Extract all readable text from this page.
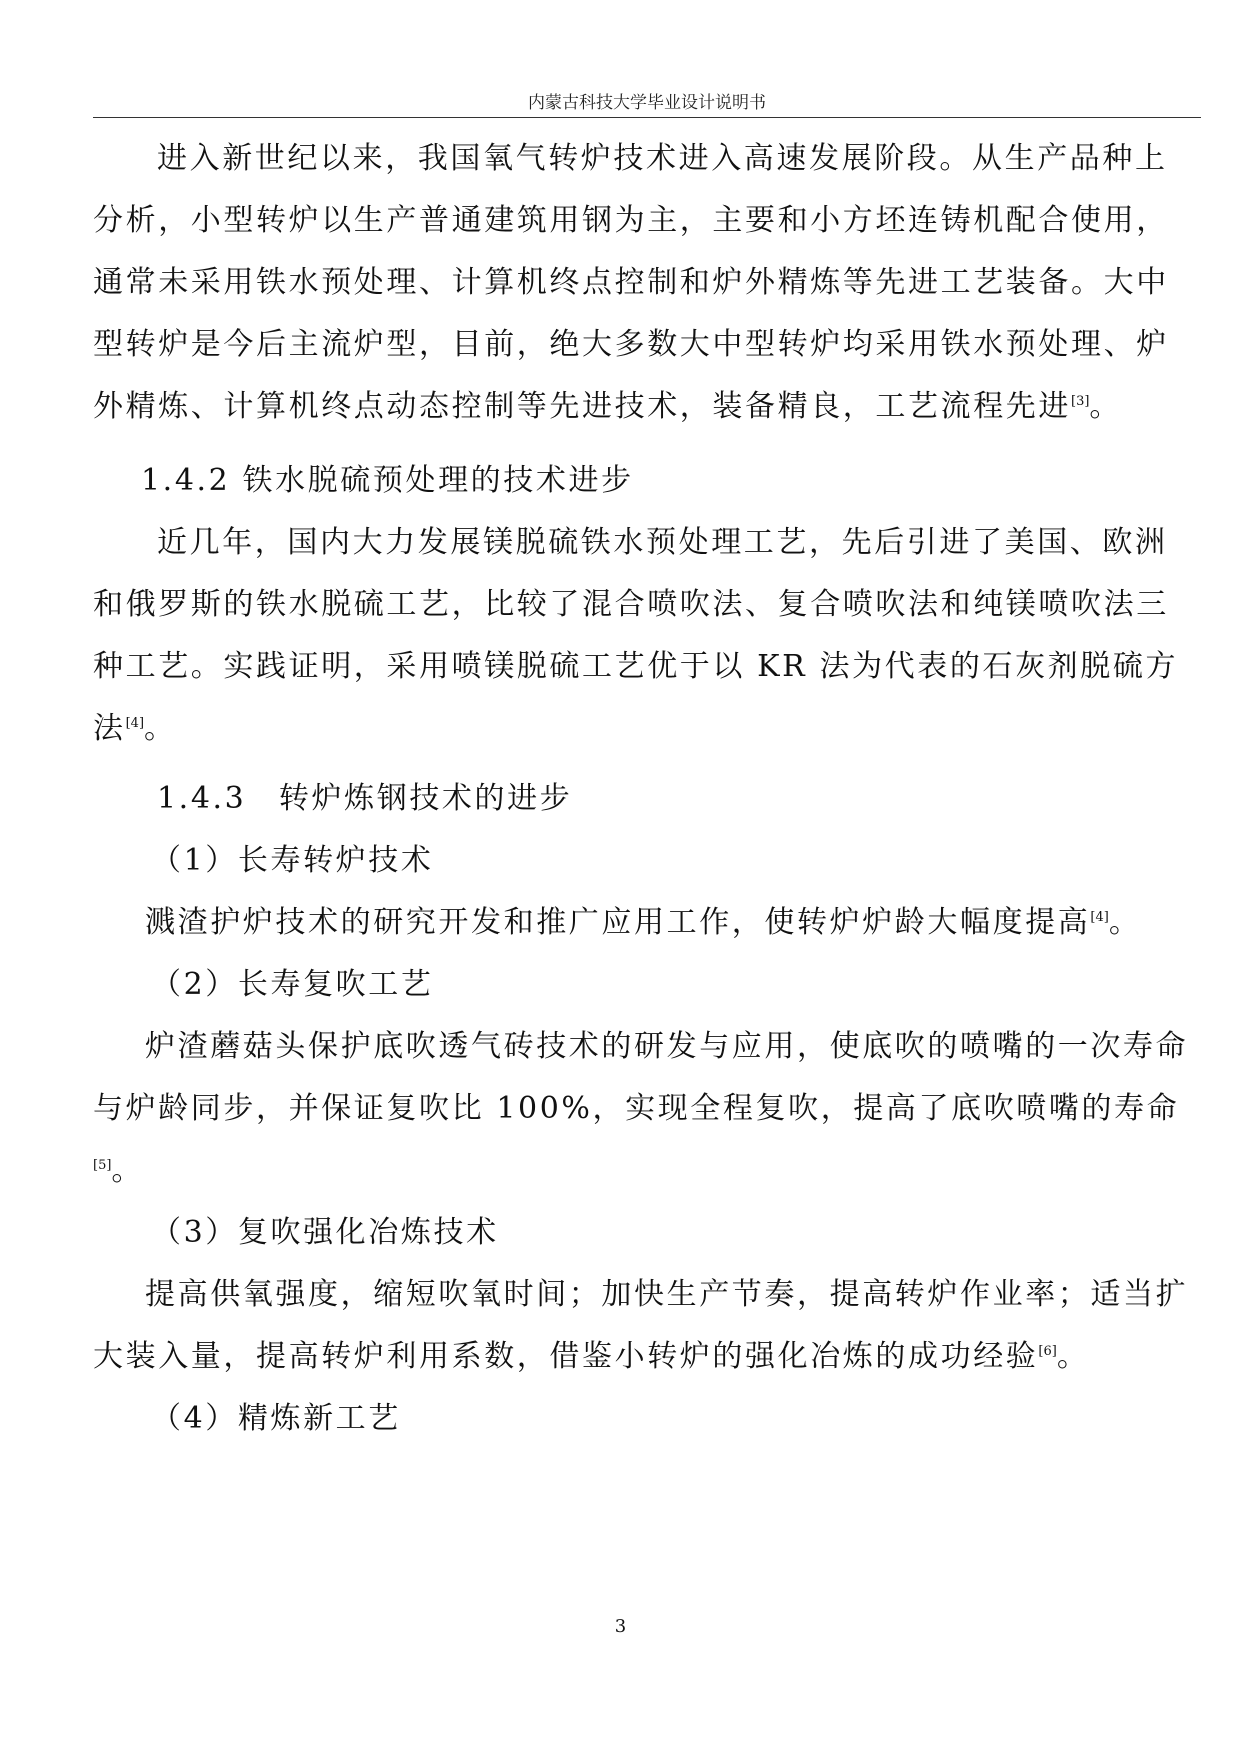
内蒙古科技大学毕业设计说明书

进入新世纪以来，我国氧气转炉技术进入高速发展阶段。从生产品种上分析，小型转炉以生产普通建筑用钢为主，主要和小方坯连铸机配合使用，通常未采用铁水预处理、计算机终点控制和炉外精炼等先进工艺装备。大中型转炉是今后主流炉型，目前，绝大多数大中型转炉均采用铁水预处理、炉外精炼、计算机终点动态控制等先进技术，装备精良，工艺流程先进[3]。

1.4.2 铁水脱硫预处理的技术进步

近几年，国内大力发展镁脱硫铁水预处理工艺，先后引进了美国、欧洲和俄罗斯的铁水脱硫工艺，比较了混合喷吹法、复合喷吹法和纯镁喷吹法三种工艺。实践证明，采用喷镁脱硫工艺优于以 KR 法为代表的石灰剂脱硫方法[4]。

1.4.3　转炉炼钢技术的进步

（1）长寿转炉技术

溅渣护炉技术的研究开发和推广应用工作，使转炉炉龄大幅度提高[4]。

（2）长寿复吹工艺

炉渣蘑菇头保护底吹透气砖技术的研发与应用，使底吹的喷嘴的一次寿命与炉龄同步，并保证复吹比 100%，实现全程复吹，提高了底吹喷嘴的寿命[5]。

（3）复吹强化冶炼技术

提高供氧强度，缩短吹氧时间；加快生产节奏，提高转炉作业率；适当扩大装入量，提高转炉利用系数，借鉴小转炉的强化冶炼的成功经验[6]。

（4）精炼新工艺

3
